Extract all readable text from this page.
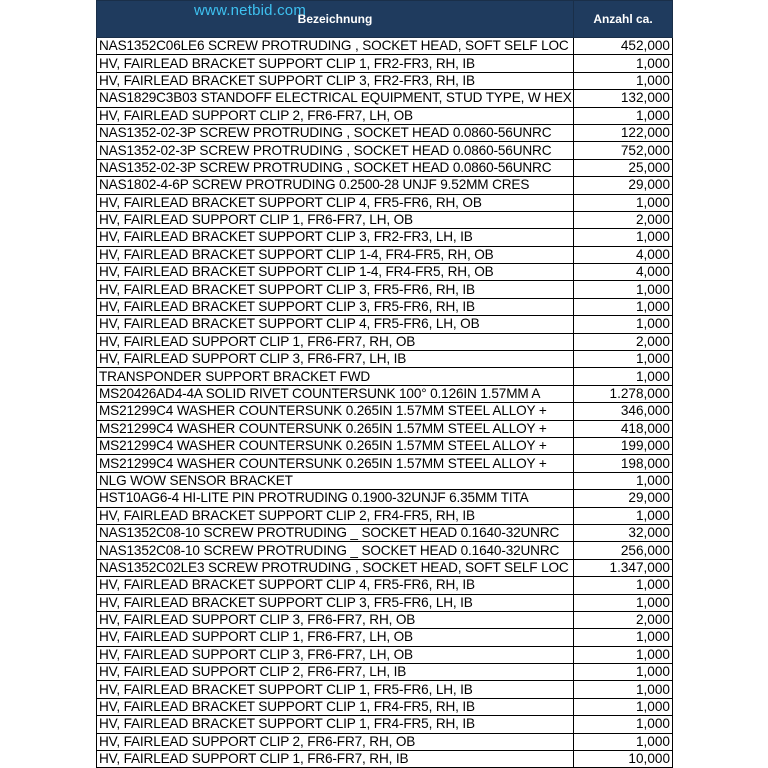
www.netbid.com
Bezeichnung	Anzahl ca.
NAS1352C06LE6 SCREW PROTRUDING , SOCKET HEAD, SOFT SELF LOC	452,000
HV, FAIRLEAD BRACKET SUPPORT CLIP 1, FR2-FR3, RH, IB	1,000
HV, FAIRLEAD BRACKET SUPPORT CLIP 3, FR2-FR3, RH, IB	1,000
NAS1829C3B03 STANDOFF ELECTRICAL EQUIPMENT, STUD TYPE, W HEX	132,000
HV, FAIRLEAD SUPPORT CLIP 2, FR6-FR7, LH, OB	1,000
NAS1352-02-3P SCREW PROTRUDING , SOCKET HEAD 0.0860-56UNRC	122,000
NAS1352-02-3P SCREW PROTRUDING , SOCKET HEAD 0.0860-56UNRC	752,000
NAS1352-02-3P SCREW PROTRUDING , SOCKET HEAD 0.0860-56UNRC	25,000
NAS1802-4-6P SCREW PROTRUDING 0.2500-28 UNJF 9.52MM CRES	29,000
HV, FAIRLEAD BRACKET SUPPORT CLIP 4, FR5-FR6, RH, OB	1,000
HV, FAIRLEAD SUPPORT CLIP 1, FR6-FR7, LH, OB	2,000
HV, FAIRLEAD BRACKET SUPPORT CLIP 3, FR2-FR3, LH, IB	1,000
HV, FAIRLEAD BRACKET SUPPORT CLIP 1-4, FR4-FR5, RH, OB	4,000
HV, FAIRLEAD BRACKET SUPPORT CLIP 1-4, FR4-FR5, RH, OB	4,000
HV, FAIRLEAD BRACKET SUPPORT CLIP 3, FR5-FR6, RH, IB	1,000
HV, FAIRLEAD BRACKET SUPPORT CLIP 3, FR5-FR6, RH, IB	1,000
HV, FAIRLEAD BRACKET SUPPORT CLIP 4, FR5-FR6, LH, OB	1,000
HV, FAIRLEAD SUPPORT CLIP 1, FR6-FR7, RH, OB	2,000
HV, FAIRLEAD SUPPORT CLIP 3, FR6-FR7, LH, IB	1,000
TRANSPONDER SUPPORT BRACKET FWD	1,000
MS20426AD4-4A SOLID RIVET COUNTERSUNK 100° 0.126IN 1.57MM A	1.278,000
MS21299C4 WASHER COUNTERSUNK 0.265IN 1.57MM STEEL ALLOY +	346,000
MS21299C4 WASHER COUNTERSUNK 0.265IN 1.57MM STEEL ALLOY +	418,000
MS21299C4 WASHER COUNTERSUNK 0.265IN 1.57MM STEEL ALLOY +	199,000
MS21299C4 WASHER COUNTERSUNK 0.265IN 1.57MM STEEL ALLOY +	198,000
NLG WOW SENSOR BRACKET	1,000
HST10AG6-4 HI-LITE PIN PROTRUDING 0.1900-32UNJF 6.35MM TITA	29,000
HV, FAIRLEAD BRACKET SUPPORT CLIP 2, FR4-FR5, RH, IB	1,000
NAS1352C08-10 SCREW PROTRUDING _ SOCKET HEAD 0.1640-32UNRC	32,000
NAS1352C08-10 SCREW PROTRUDING _ SOCKET HEAD 0.1640-32UNRC	256,000
NAS1352C02LE3 SCREW PROTRUDING , SOCKET HEAD, SOFT SELF LOC	1.347,000
HV, FAIRLEAD BRACKET SUPPORT CLIP 4, FR5-FR6, RH, IB	1,000
HV, FAIRLEAD BRACKET SUPPORT CLIP 3, FR5-FR6, LH, IB	1,000
HV, FAIRLEAD SUPPORT CLIP 3, FR6-FR7, RH, OB	2,000
HV, FAIRLEAD SUPPORT CLIP 1, FR6-FR7, LH, OB	1,000
HV, FAIRLEAD SUPPORT CLIP 3, FR6-FR7, LH, OB	1,000
HV, FAIRLEAD SUPPORT CLIP 2, FR6-FR7, LH, IB	1,000
HV, FAIRLEAD BRACKET SUPPORT CLIP 1, FR5-FR6, LH, IB	1,000
HV, FAIRLEAD BRACKET SUPPORT CLIP 1, FR4-FR5, RH, IB	1,000
HV, FAIRLEAD BRACKET SUPPORT CLIP 1, FR4-FR5, RH, IB	1,000
HV, FAIRLEAD SUPPORT CLIP 2, FR6-FR7, RH, OB	1,000
HV, FAIRLEAD SUPPORT CLIP 1, FR6-FR7, RH, IB	10,000
